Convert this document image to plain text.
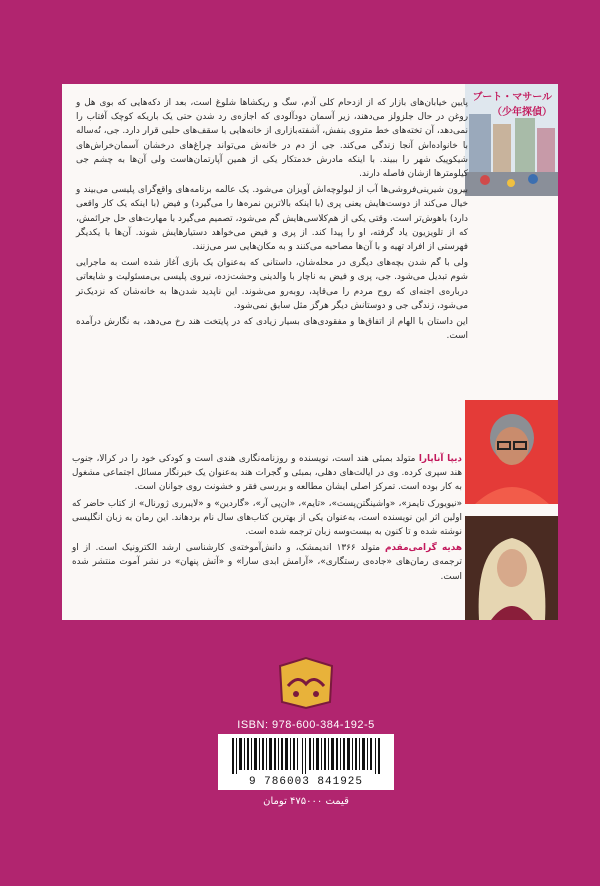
ブート・マサール（少年探偵）

پایین خیابان‌های بازار که از ازدحام کلی آدم، سگ و ریکشاها شلوغ است، بعد از دکه‌هایی که بوی هل و روغن در حال جلزولز می‌دهند، زیر آسمان دودآلودی که اجازه‌ی رد شدن حتی یک باریکه کوچک آفتاب را نمی‌دهد، آن تخته‌های خط متروی بنفش، آشفته‌بازاری از خانه‌هایی با سقف‌های حلبی قرار دارد. جی، نُه‌ساله با خانواده‌اش آنجا زندگی می‌کند. جی از دم در خانه‌ش می‌تواند چراغ‌های درخشان آسمان‌خراش‌های شیکوپیک شهر را ببیند. با اینکه مادرش خدمتکار یکی از همین آپارتمان‌هاست ولی آن‌ها به چشم جی کیلومترها از‌شان فاصله دارند.

بیرون شیرینی‌فروشی‌ها آب از لبولوچه‌اش آویزان می‌شود. یک عالمه برنامه‌های واقع‌گرای پلیسی می‌بیند و خیال می‌کند از دوست‌هایش یعنی پری (با اینکه بالاترین نمره‌ها را می‌گیرد) و فیض (با اینکه یک کار واقعی دارد) باهوش‌تر است. وقتی یکی از هم‌کلاسی‌هایش گم می‌شود، تصمیم می‌گیرد با مهارت‌های حل جرائمش، که از تلویزیون یاد گرفته، او را پیدا کند. از پری و فیض می‌خواهد دستیارهایش شوند. آن‌ها با یکدیگر فهرستی از افراد تهیه و با آن‌ها مصاحبه می‌کنند و به مکان‌هایی سر می‌زنند.

ولی با گم شدن بچه‌های دیگری در محله‌شان، داستانی که به‌عنوان یک بازی آغاز شده است به ماجرایی شوم تبدیل می‌شود. جی، پری و فیض به ناچار با والدینی وحشت‌زده، نیروی پلیسی بی‌مسئولیت و شایعاتی درباره‌ی اجنه‌ای که روح مردم را می‌قاپد، روبه‌رو می‌شوند. این ناپدید شدن‌ها به خانه‌شان که نزدیک‌تر می‌شود، زندگی جی و دوستانش دیگر هرگز مثل سابق نمی‌شود.

این داستان با الهام از اتفاق‌ها و مفقودی‌های بسیار زیادی که در پایتخت هند رخ می‌دهد، به نگارش درآمده است.

دیپا آناپارا متولد بمبئی هند است، نویسنده و روزنامه‌نگاری هندی است و کودکی خود را در کرالا، جنوب هند سپری کرده. وی در ایالت‌های دهلی، بمبئی و گجرات هند به‌عنوان یک خبرنگار مسائل اجتماعی مشغول به کار بوده است. تمرکز اصلی ایشان مطالعه و بررسی فقر و خشونت روی جوانان است.

«نیویورک تایمز»، «واشینگتن‌پست»، «تایم»، «ان‌پی آر»، «گاردین» و «لایبرری ژورنال» از کتاب حاضر که اولین اثر این نویسنده است، به‌عنوان یکی از بهترین کتاب‌های سال نام بردهاند. این رمان به زبان انگلیسی نوشته شده و تا کنون به بیست‌وسه زبان ترجمه شده است.

هدیه گرامی‌مقدم متولد ۱۳۶۶ اندیمشک، و دانش‌آموخته‌ی کارشناسی ارشد الکترونیک است. از او ترجمه‌ی رمان‌های «جاده‌ی رستگاری»، «آرامش ابدی سارا» و «آتش پنهان» در نشر آموت منتشر شده است.

ISBN: 978-600-384-192-5
9 786003 841925
قیمت ۴۷۵۰۰۰ تومان
